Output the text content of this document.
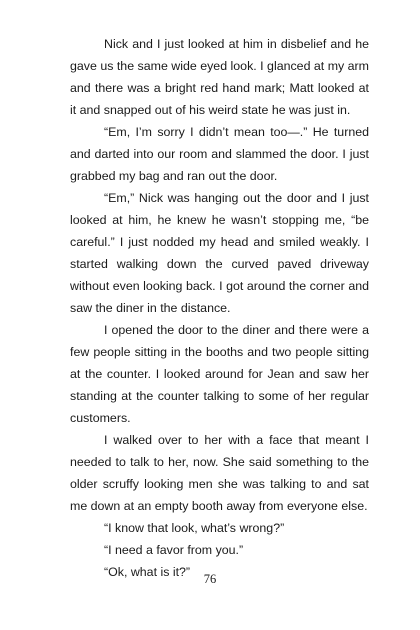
Nick and I just looked at him in disbelief and he gave us the same wide eyed look. I glanced at my arm and there was a bright red hand mark; Matt looked at it and snapped out of his weird state he was just in.

“Em, I’m sorry I didn’t mean too—.” He turned and darted into our room and slammed the door. I just grabbed my bag and ran out the door.

“Em,” Nick was hanging out the door and I just looked at him, he knew he wasn’t stopping me, “be careful.” I just nodded my head and smiled weakly. I started walking down the curved paved driveway without even looking back. I got around the corner and saw the diner in the distance.

I opened the door to the diner and there were a few people sitting in the booths and two people sitting at the counter. I looked around for Jean and saw her standing at the counter talking to some of her regular customers.

I walked over to her with a face that meant I needed to talk to her, now. She said something to the older scruffy looking men she was talking to and sat me down at an empty booth away from everyone else.

“I know that look, what’s wrong?”

“I need a favor from you.”

“Ok, what is it?”	76
